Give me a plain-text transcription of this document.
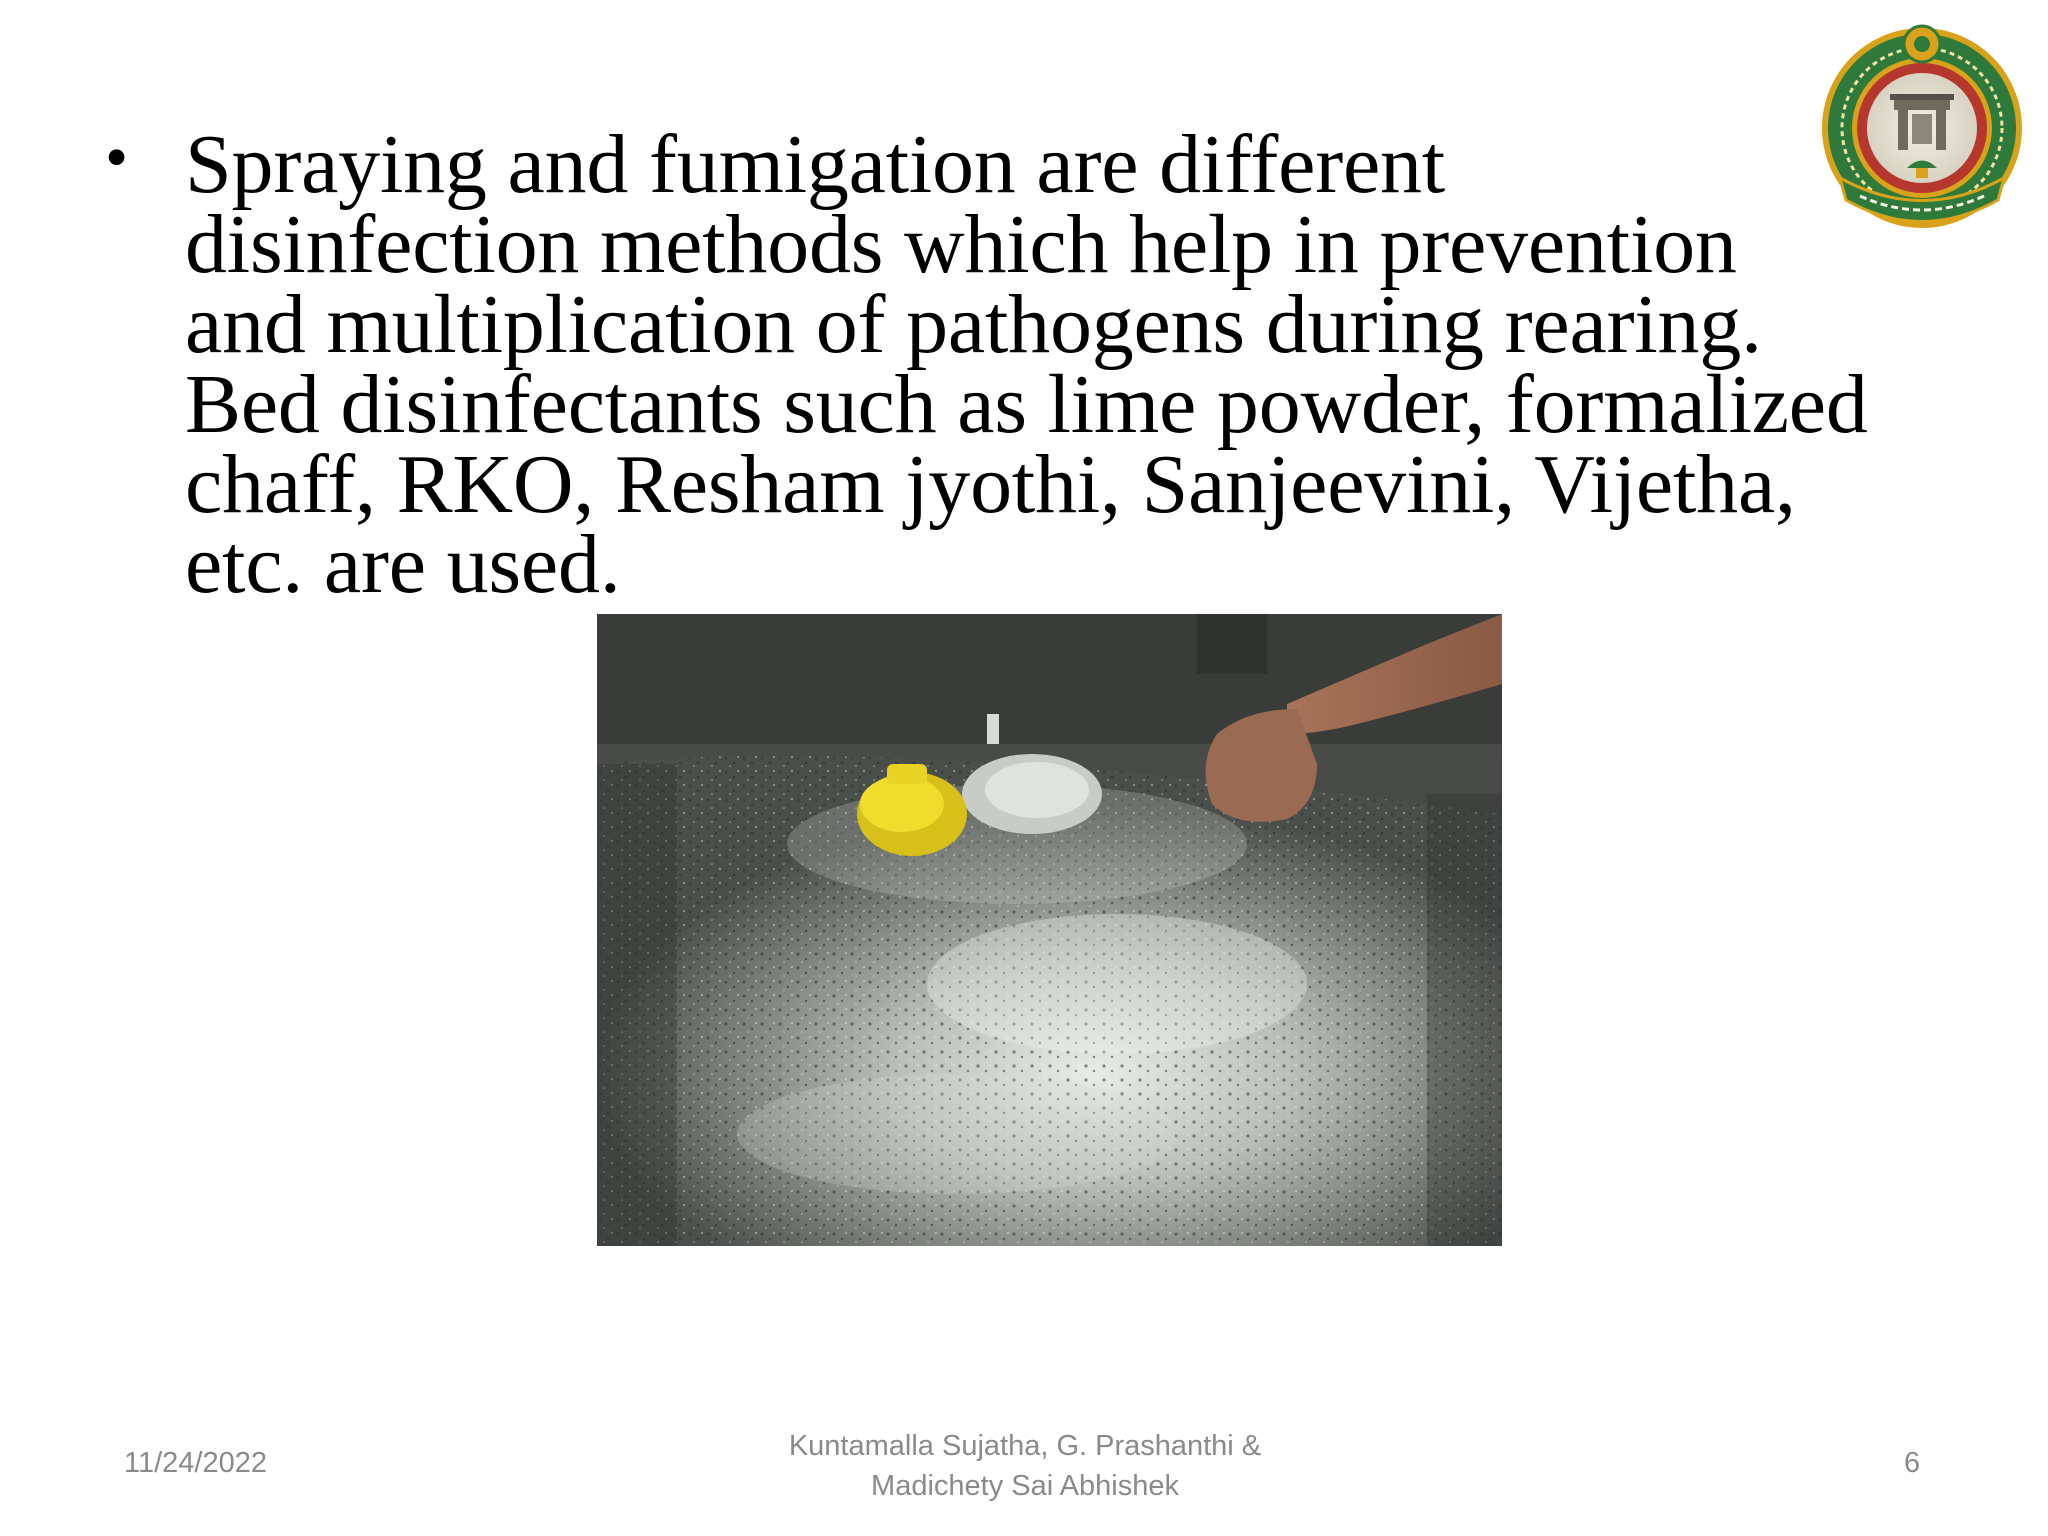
• Spraying and fumigation are different
disinfection methods which help in prevention
and multiplication of pathogens during rearing.
Bed disinfectants such as lime powder, formalized
chaff, RKO, Resham jyothi, Sanjeevini, Vijetha,
etc. are used.
11/24/2022
Kuntamalla Sujatha, G. Prashanthi &
Madichety Sai Abhishek
6
